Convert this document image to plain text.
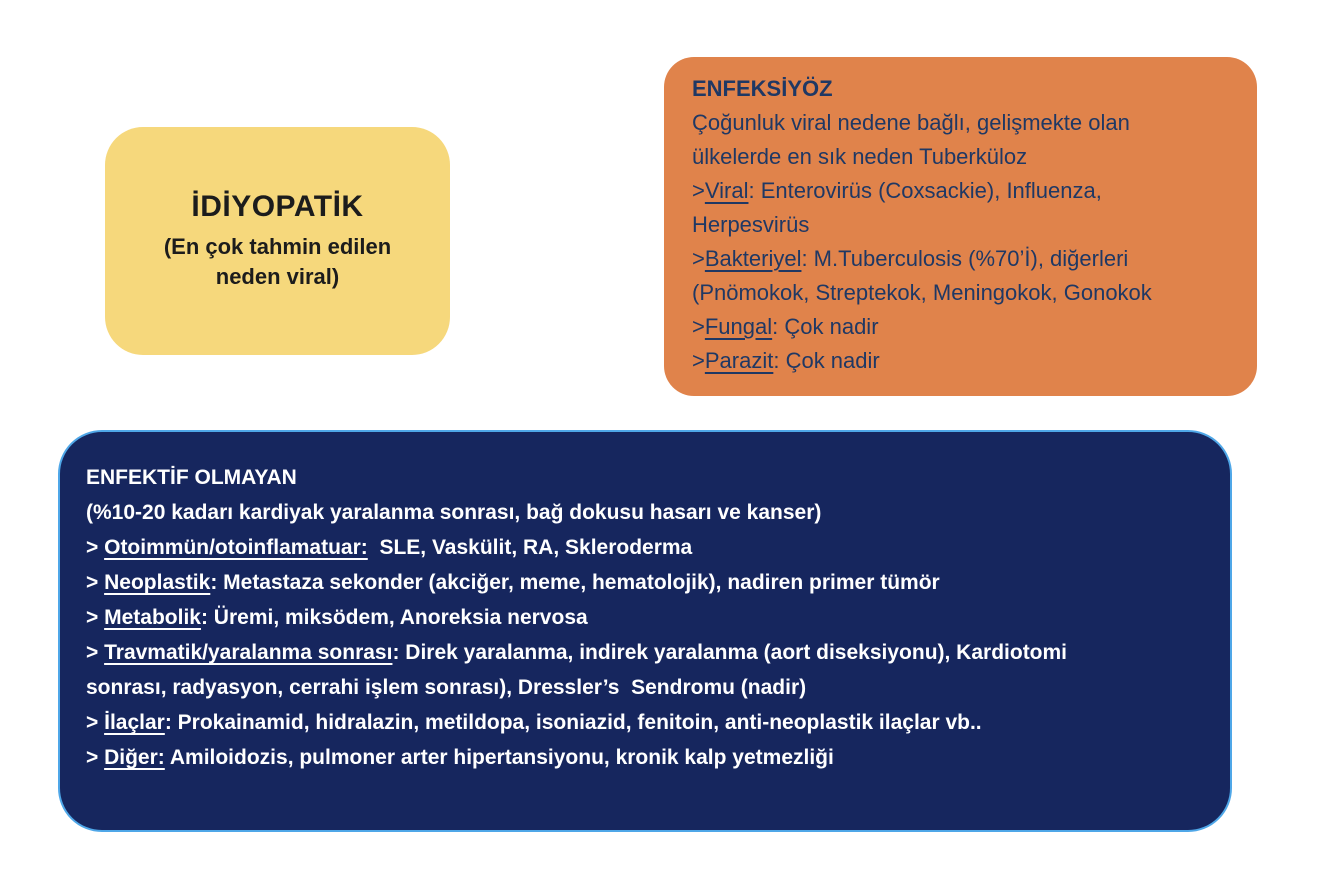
İDİYOPATİK
(En çok tahmin edilen
neden viral)
ENFEKSİYÖZ
Çoğunluk viral nedene bağlı, gelişmekte olan
ülkelerde en sık neden Tuberküloz
>Viral: Enterovirüs (Coxsackie), Influenza,
Herpesvirüs
>Bakteriyel: M.Tuberculosis (%70’İ), diğerleri
(Pnömokok, Streptekok, Meningokok, Gonokok
>Fungal: Çok nadir
>Parazit: Çok nadir
ENFEKTİF OLMAYAN
(%10-20 kadarı kardiyak yaralanma sonrası, bağ dokusu hasarı ve kanser)
> Otoimmün/otoinflamatuar:  SLE, Vaskülit, RA, Skleroderma
> Neoplastik: Metastaza sekonder (akciğer, meme, hematolojik), nadiren primer tümör
> Metabolik: Üremi, miksödem, Anoreksia nervosa
> Travmatik/yaralanma sonrası: Direk yaralanma, indirek yaralanma (aort diseksiyonu), Kardiotomi
sonrası, radyasyon, cerrahi işlem sonrası), Dressler’s  Sendromu (nadir)
> İlaçlar: Prokainamid, hidralazin, metildopa, isoniazid, fenitoin, anti-neoplastik ilaçlar vb..
> Diğer: Amiloidozis, pulmoner arter hipertansiyonu, kronik kalp yetmezliği
